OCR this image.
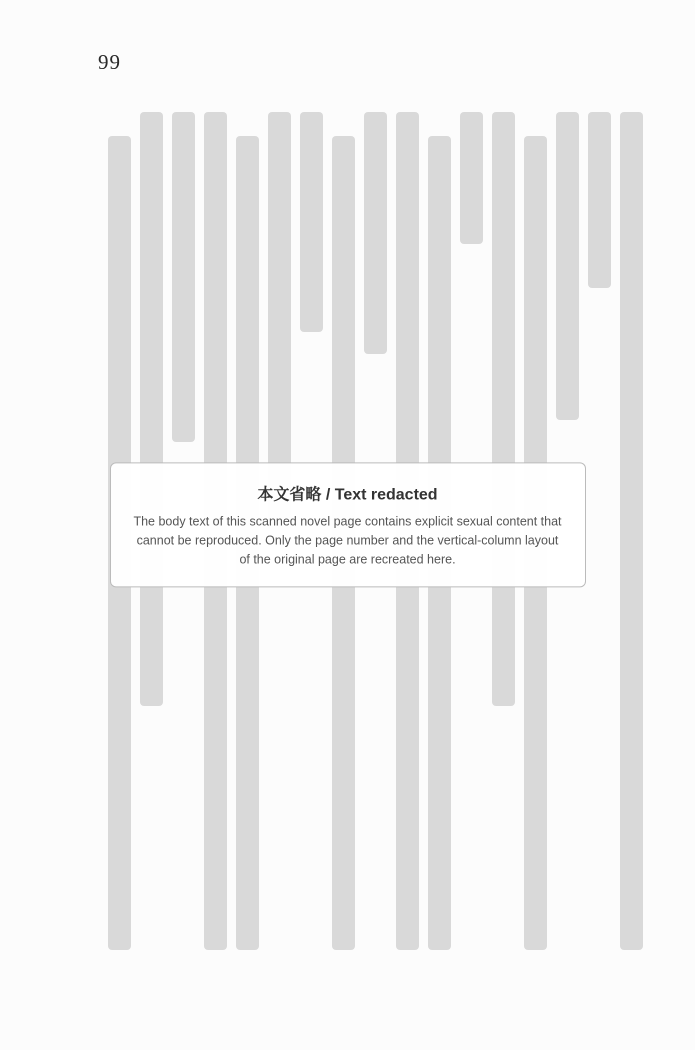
99
本文省略 / Text redacted
The body text of this scanned novel page contains explicit sexual content that cannot be reproduced. Only the page number and the vertical-column layout of the original page are recreated here.
